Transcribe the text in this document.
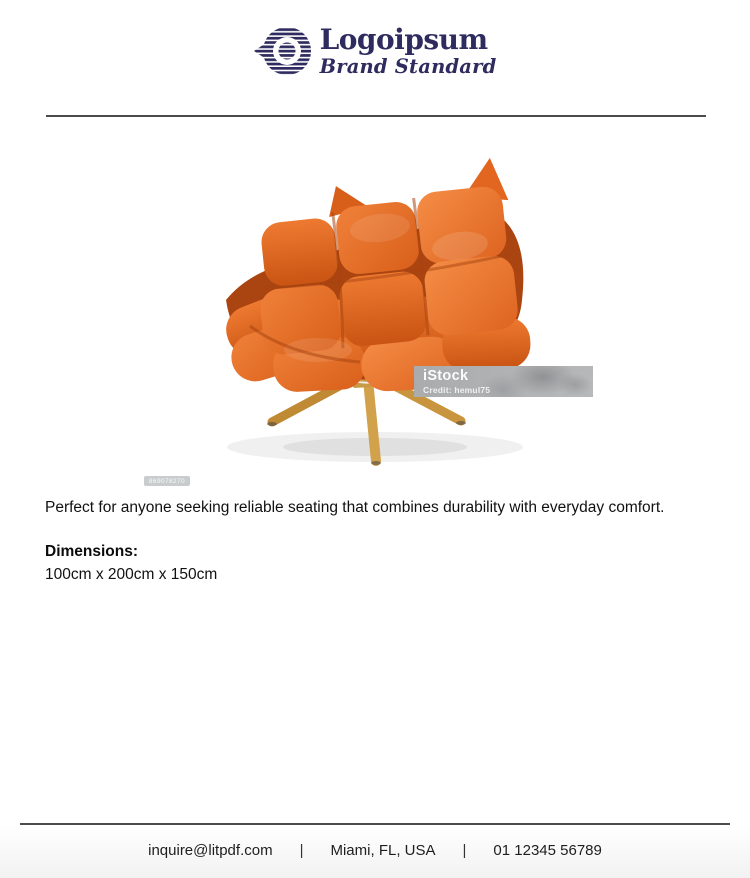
Logoipsum
Brand Standard
iStock
Credit: hemul75
869078270

Perfect for anyone seeking reliable seating that combines durability with everyday comfort.

Dimensions:

100cm x 200cm x 150cm

inquire@litpdf.com | Miami, FL, USA | 01 12345 56789
